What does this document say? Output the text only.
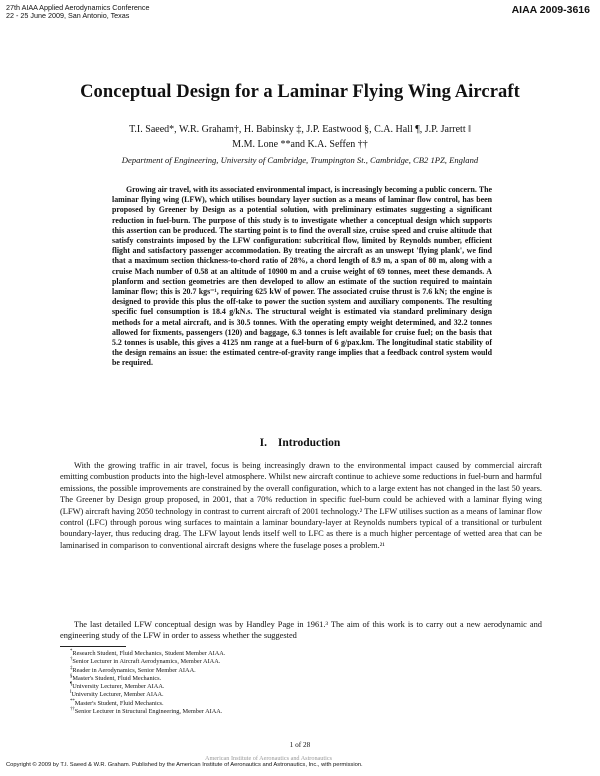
27th AIAA Applied Aerodynamics Conference
22 - 25 June 2009, San Antonio, Texas	AIAA 2009-3616
Conceptual Design for a Laminar Flying Wing Aircraft
T.I. Saeed*, W.R. Graham†, H. Babinsky ‡, J.P. Eastwood §, C.A. Hall ¶, J.P. Jarrett ‖
M.M. Lone **and K.A. Seffen ††
Department of Engineering, University of Cambridge, Trumpington St., Cambridge, CB2 1PZ, England

Growing air travel, with its associated environmental impact, is increasingly becoming a public concern. The laminar flying wing (LFW), which utilises boundary layer suction as a means of laminar flow control, has been proposed by Greener by Design as a potential solution, with preliminary estimates suggesting a significant reduction in fuel-burn. The purpose of this study is to investigate whether a conceptual design which supports this assertion can be produced. The starting point is to find the overall size, cruise speed and cruise altitude that satisfy constraints imposed by the LFW configuration: subcritical flow, limited by Reynolds number, efficient flight and satisfactory passenger accommodation. By treating the aircraft as an unswept 'flying plank', we find that a maximum section thickness-to-chord ratio of 28%, a chord length of 8.9 m, a span of 80 m, along with a cruise Mach number of 0.58 at an altitude of 10900 m and a cruise weight of 69 tonnes, meet these demands. A planform and section geometries are then developed to allow an estimate of the suction required to maintain laminar flow; this is 20.7 kgs⁻¹, requiring 625 kW of power. The associated cruise thrust is 7.6 kN; the engine is designed to provide this plus the off-take to power the suction system and auxiliary components. The resulting specific fuel consumption is 18.4 g/kN.s. The structural weight is estimated via standard preliminary design methods for a metal aircraft, and is 30.5 tonnes. With the operating empty weight determined, and 32.2 tonnes allowed for fixments, passengers (120) and baggage, 6.3 tonnes is left available for cruise fuel; on the basis that 5.2 tonnes is usable, this gives a 4125 nm range at a fuel-burn of 6 g/pax.km. The longitudinal static stability of the design remains an issue: the estimated centre-of-gravity range implies that a feedback control system would be required.

I. Introduction

With the growing traffic in air travel, focus is being increasingly drawn to the environmental impact caused by commercial aircraft emitting combustion products into the high-level atmosphere. Whilst new aircraft continue to achieve some reductions in fuel-burn and harmful emissions, the possible improvements are constrained by the overall configuration, which to a large extent has not changed in the last 50 years. The Greener by Design group proposed, in 2001, that a 70% reduction in specific fuel-burn could be achieved with a laminar flying wing (LFW) aircraft having 2050 technology in contrast to current aircraft of 2001 technology.² The LFW utilises suction as a means of laminar flow control (LFC) through porous wing surfaces to maintain a laminar boundary-layer at Reynolds numbers typical of a transitional or turbulent boundary-layer, thus reducing drag. The LFW layout lends itself well to LFC as there is a much higher percentage of wetted area that can be laminarised in comparison to conventional aircraft designs where the fuselage poses a problem.²¹

The last detailed LFW conceptual design was by Handley Page in 1961.³ The aim of this work is to carry out a new aerodynamic and engineering study of the LFW in order to assess whether the suggested

*Research Student, Fluid Mechanics, Student Member AIAA.
†Senior Lecturer in Aircraft Aerodynamics, Member AIAA.
‡Reader in Aerodynamics, Senior Member AIAA.
§Master's Student, Fluid Mechanics.
¶University Lecturer, Member AIAA.
‖University Lecturer, Member AIAA.
**Master's Student, Fluid Mechanics.
††Senior Lecturer in Structural Engineering, Member AIAA.
1 of 28
American Institute of Aeronautics and Astronautics
Copyright © 2009 by T.I. Saeed & W.R. Graham. Published by the American Institute of Aeronautics and Astronautics, Inc., with permission.
